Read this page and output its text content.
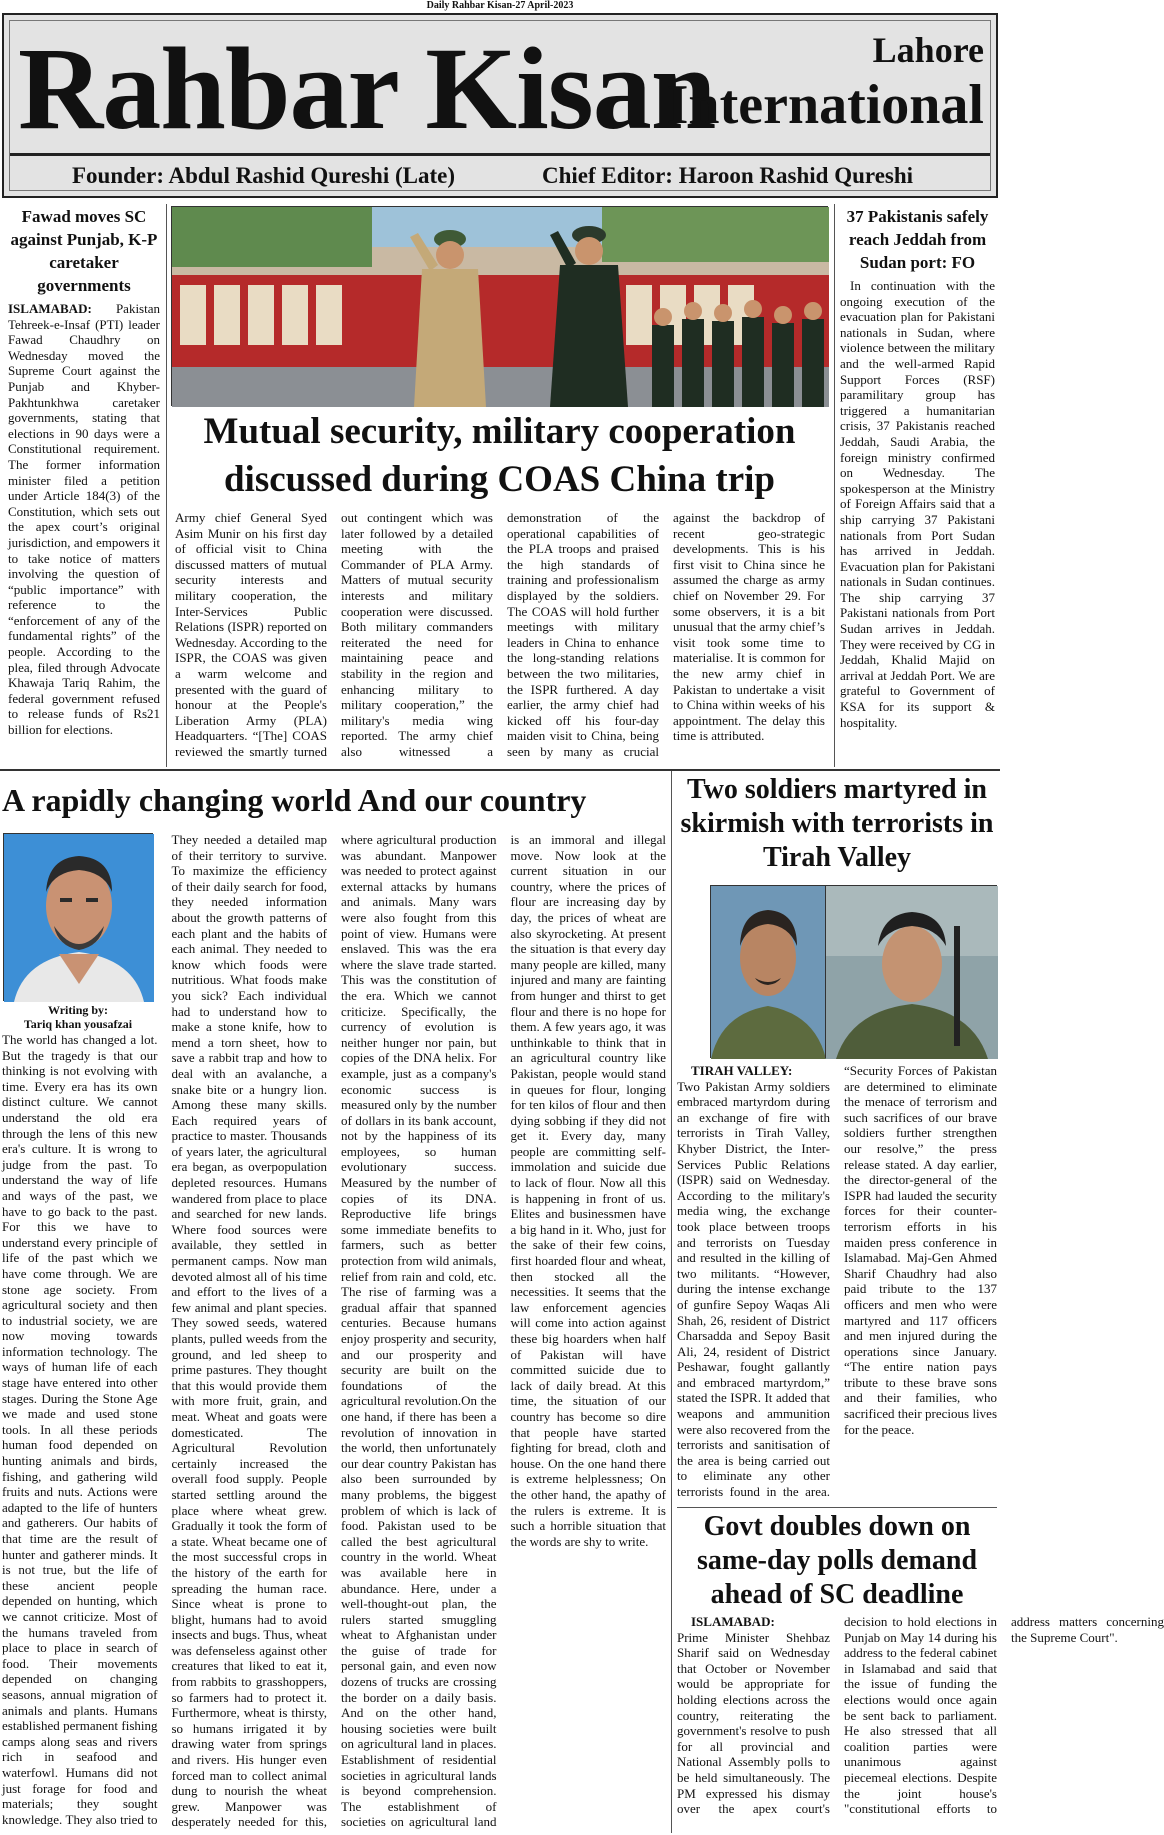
Daily Rahbar Kisan-27 April-2023
Rahbar Kisan	Lahore
International
Founder: Abdul Rashid Qureshi (Late)	Chief Editor: Haroon Rashid Qureshi
Fawad moves SC against Punjab, K-P caretaker governments
ISLAMABAD: Pakistan Tehreek-e-Insaf (PTI) leader Fawad Chaudhry on Wednesday moved the Supreme Court against the Punjab and Khyber-Pakhtunkhwa caretaker governments, stating that elections in 90 days were a Constitutional requirement. The former information minister filed a petition under Article 184(3) of the Constitution, which sets out the apex court’s original jurisdiction, and empowers it to take notice of matters involving the question of “public importance” with reference to the “enforcement of any of the fundamental rights” of the people. According to the plea, filed through Advocate Khawaja Tariq Rahim, the federal government refused to release funds of Rs21 billion for elections.
Mutual security, military cooperation discussed during COAS China trip
Army chief General Syed Asim Munir on his first day of official visit to China discussed matters of mutual security interests and military cooperation, the Inter-Services Public Relations (ISPR) reported on Wednesday. According to the ISPR, the COAS was given a warm welcome and presented with the guard of honour at the People's Liberation Army (PLA) Headquarters. “[The] COAS reviewed the smartly turned out contingent which was later followed by a detailed meeting with the Commander of PLA Army. Matters of mutual security interests and military cooperation were discussed. Both military commanders reiterated the need for maintaining peace and stability in the region and enhancing military to military cooperation,” the military's media wing reported. The army chief also witnessed a demonstration of the operational capabilities of the PLA troops and praised the high standards of training and professionalism displayed by the soldiers. The COAS will hold further meetings with military leaders in China to enhance the long-standing relations between the two militaries, the ISPR furthered. A day earlier, the army chief had kicked off his four-day maiden visit to China, being seen by many as crucial against the backdrop of recent geo-strategic developments. This is his first visit to China since he assumed the charge as army chief on November 29. For some observers, it is a bit unusual that the army chief’s visit took some time to materialise. It is common for the new army chief in Pakistan to undertake a visit to China within weeks of his appointment. The delay this time is attributed.
37 Pakistanis safely reach Jeddah from Sudan port: FO
In continuation with the ongoing execution of the evacuation plan for Pakistani nationals in Sudan, where violence between the military and the well-armed Rapid Support Forces (RSF) paramilitary group has triggered a humanitarian crisis, 37 Pakistanis reached Jeddah, Saudi Arabia, the foreign ministry confirmed on Wednesday. The spokesperson at the Ministry of Foreign Affairs said that a ship carrying 37 Pakistani nationals from Port Sudan has arrived in Jeddah. Evacuation plan for Pakistani nationals in Sudan continues. The ship carrying 37 Pakistani nationals from Port Sudan arrives in Jeddah. They were received by CG in Jeddah, Khalid Majid on arrival at Jeddah Port. We are grateful to Government of KSA for its support & hospitality.
A rapidly changing world And our country
Writing by:
Tariq khan yousafzai
The world has changed a lot. But the tragedy is that our thinking is not evolving with time. Every era has its own distinct culture. We cannot understand the old era through the lens of this new era's culture. It is wrong to judge from the past. To understand the way of life and ways of the past, we have to go back to the past. For this we have to understand every principle of life of the past which we have come through. We are stone age society. From agricultural society and then to industrial society, we are now moving towards information technology. The ways of human life of each stage have entered into other stages. During the Stone Age we made and used stone tools. In all these periods human food depended on hunting animals and birds, fishing, and gathering wild fruits and nuts. Actions were adapted to the life of hunters and gatherers. Our habits of that time are the result of hunter and gatherer minds. It is not true, but the life of these ancient people depended on hunting, which we cannot criticize. Most of the humans traveled from place to place in search of food. Their movements depended on changing seasons, annual migration of animals and plants. Humans established permanent fishing camps along seas and rivers rich in seafood and waterfowl. Humans did not just forage for food and materials; they sought knowledge. They also tried to They needed a detailed map of their territory to survive. To maximize the efficiency of their daily search for food, they needed information about the growth patterns of each plant and the habits of each animal. They needed to know which foods were nutritious. What foods make you sick? Each individual had to understand how to make a stone knife, how to mend a torn sheet, how to save a rabbit trap and how to deal with an avalanche, a snake bite or a hungry lion. Among these many skills. Each required years of practice to master. Thousands of years later, the agricultural era began, as overpopulation depleted resources. Humans wandered from place to place and searched for new lands. Where food sources were available, they settled in permanent camps. Now man devoted almost all of his time and effort to the lives of a few animal and plant species. They sowed seeds, watered plants, pulled weeds from the ground, and led sheep to prime pastures. They thought that this would provide them with more fruit, grain, and meat. Wheat and goats were domesticated. The Agricultural Revolution certainly increased the overall food supply. People started settling around the place where wheat grew. Gradually it took the form of a state. Wheat became one of the most successful crops in the history of the earth for spreading the human race. Since wheat is prone to blight, humans had to avoid insects and bugs. Thus, wheat was defenseless against other creatures that liked to eat it, from rabbits to grasshoppers, so farmers had to protect it. Furthermore, wheat is thirsty, so humans irrigated it by drawing water from springs and rivers. His hunger even forced man to collect animal dung to nourish the wheat grew. Manpower was desperately needed for this, where agricultural production was abundant. Manpower was needed to protect against external attacks by humans and animals. Many wars were also fought from this point of view. Humans were enslaved. This was the era where the slave trade started. This was the constitution of the era. Which we cannot criticize. Specifically, the currency of evolution is neither hunger nor pain, but copies of the DNA helix. For example, just as a company's economic success is measured only by the number of dollars in its bank account, not by the happiness of its employees, so human evolutionary success. Measured by the number of copies of its DNA. Reproductive life brings some immediate benefits to farmers, such as better protection from wild animals, relief from rain and cold, etc. The rise of farming was a gradual affair that spanned centuries. Because humans enjoy prosperity and security, and our prosperity and security are built on the foundations of the agricultural revolution.On the one hand, if there has been a revolution of innovation in the world, then unfortunately our dear country Pakistan has also been surrounded by many problems, the biggest problem of which is lack of food. Pakistan used to be called the best agricultural country in the world. Wheat was available here in abundance. Here, under a well-thought-out plan, the rulers started smuggling wheat to Afghanistan under the guise of trade for personal gain, and even now dozens of trucks are crossing the border on a daily basis. And on the other hand, housing societies were built on agricultural land in places. Establishment of residential societies in agricultural lands is beyond comprehension. The establishment of societies on agricultural land is an immoral and illegal move. Now look at the current situation in our country, where the prices of flour are increasing day by day, the prices of wheat are also skyrocketing. At present the situation is that every day many people are killed, many injured and many are fainting from hunger and thirst to get flour and there is no hope for them. A few years ago, it was unthinkable to think that in an agricultural country like Pakistan, people would stand in queues for flour, longing for ten kilos of flour and then dying sobbing if they did not get it. Every day, many people are committing self-immolation and suicide due to lack of flour. Now all this is happening in front of us. Elites and businessmen have a big hand in it. Who, just for the sake of their few coins, first hoarded flour and wheat, then stocked all the necessities. It seems that the law enforcement agencies will come into action against these big hoarders when half of Pakistan will have committed suicide due to lack of daily bread. At this time, the situation of our country has become so dire that people have started fighting for bread, cloth and house. On the one hand there is extreme helplessness; On the other hand, the apathy of the rulers is extreme. It is such a horrible situation that the words are shy to write.
Two soldiers martyred in skirmish with terrorists in Tirah Valley
TIRAH VALLEY:
Two Pakistan Army soldiers embraced martyrdom during an exchange of fire with terrorists in Tirah Valley, Khyber District, the Inter-Services Public Relations (ISPR) said on Wednesday. According to the military's media wing, the exchange took place between troops and terrorists on Tuesday and resulted in the killing of two militants. “However, during the intense exchange of gunfire Sepoy Waqas Ali Shah, 26, resident of District Charsadda and Sepoy Basit Ali, 24, resident of District Peshawar, fought gallantly and embraced martyrdom,” stated the ISPR. It added that weapons and ammunition were also recovered from the terrorists and sanitisation of the area is being carried out to eliminate any other terrorists found in the area. “Security Forces of Pakistan are determined to eliminate the menace of terrorism and such sacrifices of our brave soldiers further strengthen our resolve,” the press release stated. A day earlier, the director-general of the ISPR had lauded the security forces for their counter-terrorism efforts in his maiden press conference in Islamabad. Maj-Gen Ahmed Sharif Chaudhry had also paid tribute to the 137 officers and men who were martyred and 117 officers and men injured during the operations since January. “The entire nation pays tribute to these brave sons and their families, who sacrificed their precious lives for the peace.
Govt doubles down on same-day polls demand ahead of SC deadline
ISLAMABAD:
Prime Minister Shehbaz Sharif said on Wednesday that October or November would be appropriate for holding elections across the country, reiterating the government's resolve to push for all provincial and National Assembly polls to be held simultaneously. The PM expressed his dismay over the apex court's decision to hold elections in Punjab on May 14 during his address to the federal cabinet in Islamabad and said that the issue of funding the elections would once again be sent back to parliament. He also stressed that all coalition parties were unanimous against piecemeal elections. Despite the joint house's "constitutional efforts to address matters concerning the Supreme Court".
